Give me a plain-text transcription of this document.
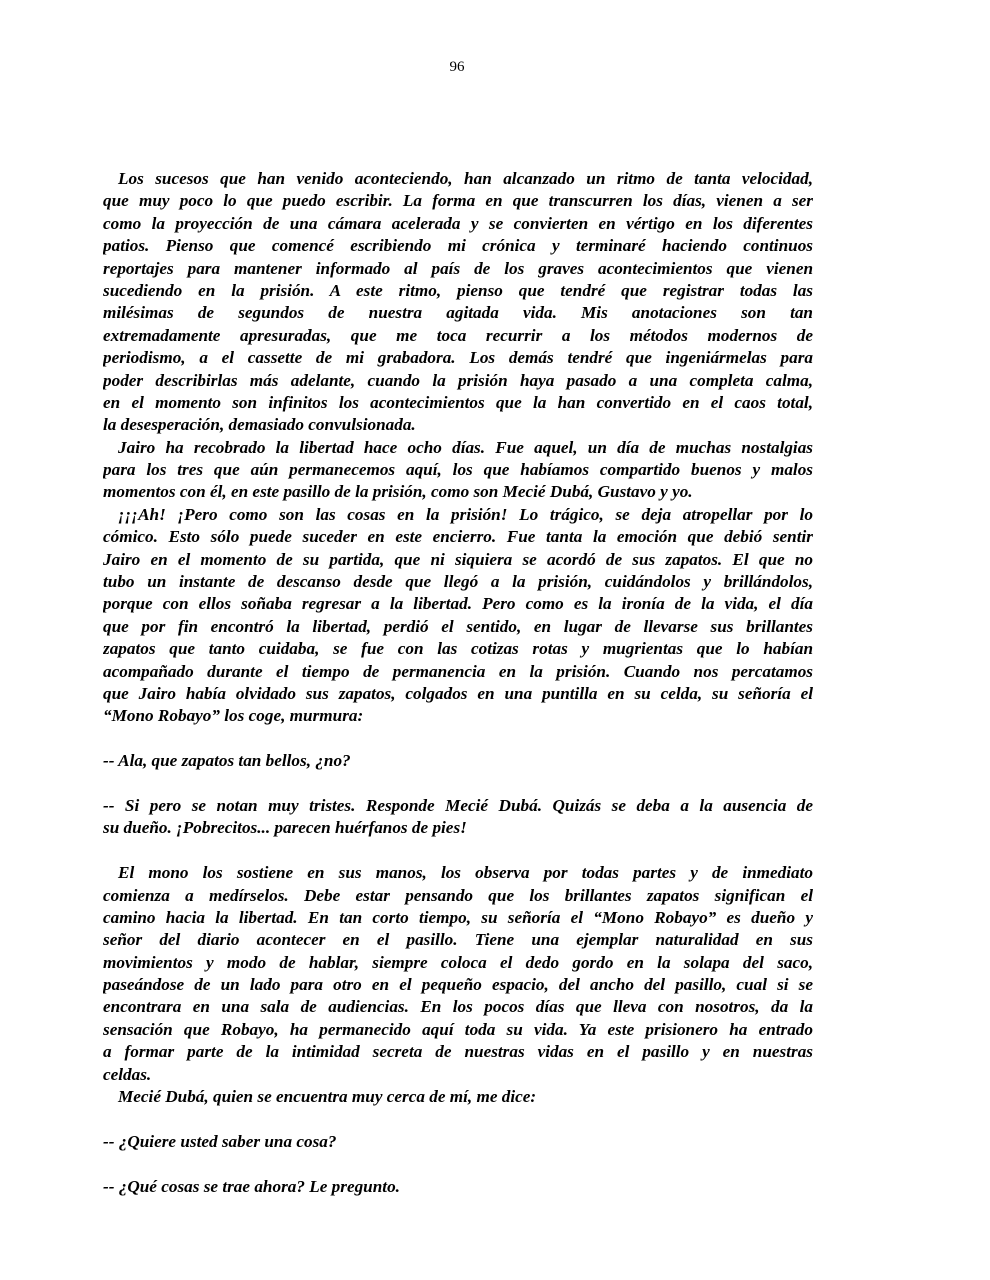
96
Los sucesos que han venido aconteciendo, han alcanzado un ritmo de tanta velocidad,
que muy poco lo que puedo escribir. La forma en que transcurren los días, vienen a ser
como la proyección de una cámara acelerada y se convierten en vértigo en los diferentes
patios. Pienso que comencé escribiendo mi crónica y terminaré haciendo continuos
reportajes para mantener informado al país de los graves acontecimientos que vienen
sucediendo en la prisión. A este ritmo, pienso que tendré que registrar todas las
milésimas de segundos de nuestra agitada vida. Mis anotaciones son tan
extremadamente apresuradas, que me toca recurrir a los métodos modernos de
periodismo, a el cassette de mi grabadora. Los demás tendré que ingeniármelas para
poder describirlas más adelante, cuando la prisión haya pasado a una completa calma,
en el momento son infinitos los acontecimientos que la han convertido en el caos total,
la desesperación, demasiado convulsionada.
Jairo ha recobrado la libertad hace ocho días. Fue aquel, un día de muchas nostalgias
para los tres que aún permanecemos aquí, los que habíamos compartido buenos y malos
momentos con él, en este pasillo de la prisión, como son Mecié Dubá, Gustavo y yo.
¡¡¡Ah! ¡Pero como son las cosas en la prisión! Lo trágico, se deja atropellar por lo
cómico. Esto sólo puede suceder en este encierro. Fue tanta la emoción que debió sentir
Jairo en el momento de su partida, que ni siquiera se acordó de sus zapatos. El que no
tubo un instante de descanso desde que llegó a la prisión, cuidándolos y brillándolos,
porque con ellos soñaba regresar a la libertad. Pero como es la ironía de la vida, el día
que por fin encontró la libertad, perdió el sentido, en lugar de llevarse sus brillantes
zapatos que tanto cuidaba, se fue con las cotizas rotas y mugrientas que lo habían
acompañado durante el tiempo de permanencia en la prisión. Cuando nos percatamos
que Jairo había olvidado sus zapatos, colgados en una puntilla en su celda, su señoría el
“Mono Robayo” los coge, murmura:
-- Ala, que zapatos tan bellos, ¿no?
-- Si pero se notan muy tristes. Responde Mecié Dubá. Quizás se deba a la ausencia de
su dueño. ¡Pobrecitos... parecen huérfanos de pies!
El mono los sostiene en sus manos, los observa por todas partes y de inmediato
comienza a medírselos. Debe estar pensando que los brillantes zapatos significan el
camino hacia la libertad. En tan corto tiempo, su señoría el “Mono Robayo” es dueño y
señor del diario acontecer en el pasillo. Tiene una ejemplar naturalidad en sus
movimientos y modo de hablar, siempre coloca el dedo gordo en la solapa del saco,
paseándose de un lado para otro en el pequeño espacio, del ancho del pasillo, cual si se
encontrara en una sala de audiencias. En los pocos días que lleva con nosotros, da la
sensación que Robayo, ha permanecido aquí toda su vida. Ya este prisionero ha entrado
a formar parte de la intimidad secreta de nuestras vidas en el pasillo y en nuestras
celdas.
Mecié Dubá, quien se encuentra muy cerca de mí, me dice:
-- ¿Quiere usted saber una cosa?
-- ¿Qué cosas se trae ahora? Le pregunto.
